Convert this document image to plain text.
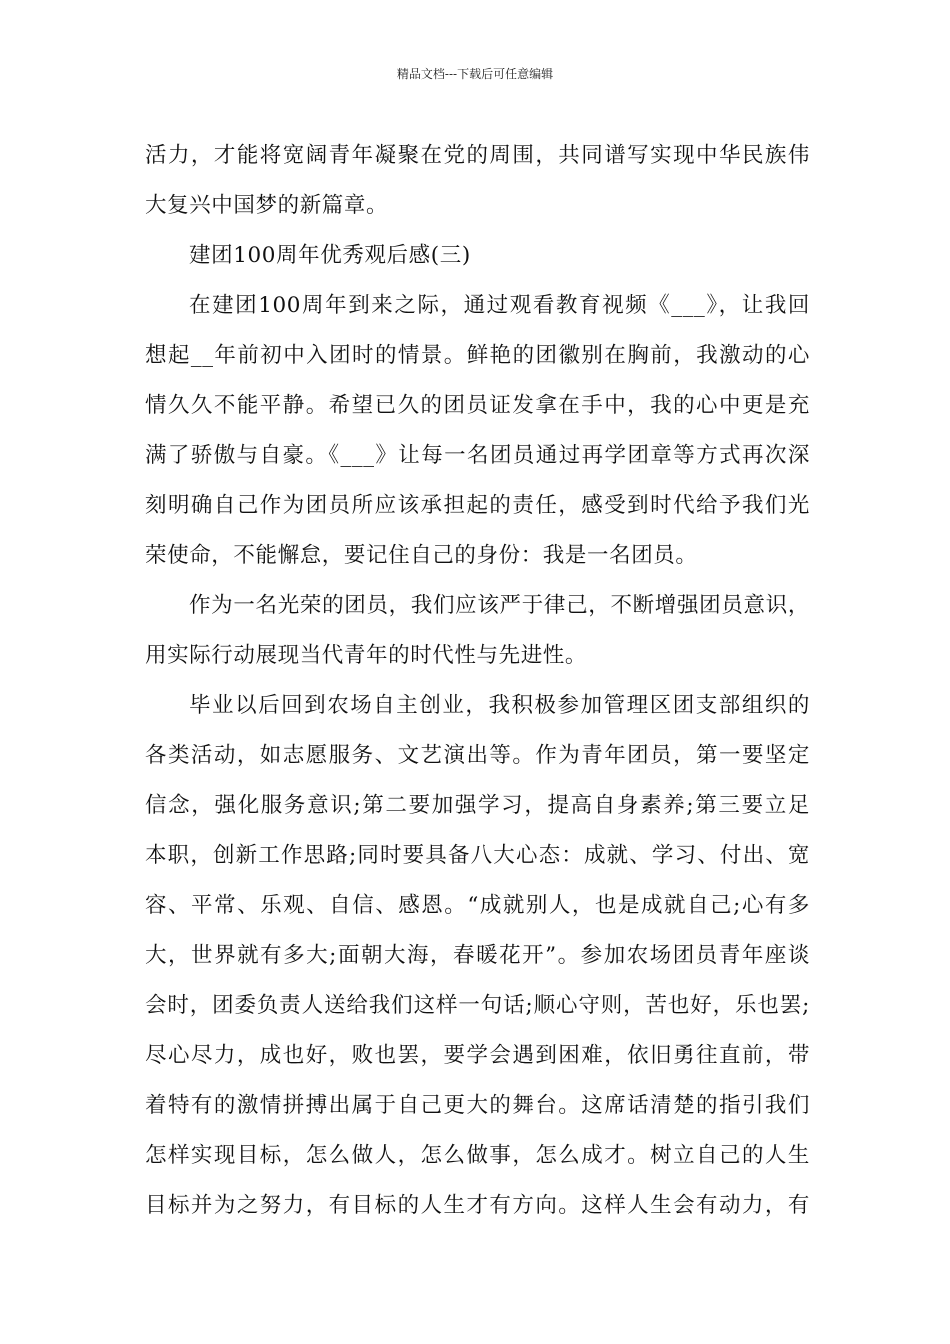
精品文档---下载后可任意编辑

活力，才能将宽阔青年凝聚在党的周围，共同谱写实现中华民族伟
大复兴中国梦的新篇章。

建团100周年优秀观后感(三)

在建团100周年到来之际，通过观看教育视频《___》，让我回
想起__年前初中入团时的情景。鲜艳的团徽别在胸前，我激动的心
情久久不能平静。希望已久的团员证发拿在手中，我的心中更是充
满了骄傲与自豪。《___》让每一名团员通过再学团章等方式再次深
刻明确自己作为团员所应该承担起的责任，感受到时代给予我们光
荣使命，不能懈怠，要记住自己的身份：我是一名团员。

作为一名光荣的团员，我们应该严于律己，不断增强团员意识，
用实际行动展现当代青年的时代性与先进性。

毕业以后回到农场自主创业，我积极参加管理区团支部组织的
各类活动，如志愿服务、文艺演出等。作为青年团员，第一要坚定
信念，强化服务意识;第二要加强学习，提高自身素养;第三要立足
本职，创新工作思路;同时要具备八大心态：成就、学习、付出、宽
容、平常、乐观、自信、感恩。“成就别人，也是成就自己;心有多
大，世界就有多大;面朝大海，春暖花开”。参加农场团员青年座谈
会时，团委负责人送给我们这样一句话;顺心守则，苦也好，乐也罢;
尽心尽力，成也好，败也罢，要学会遇到困难，依旧勇往直前，带
着特有的激情拼搏出属于自己更大的舞台。这席话清楚的指引我们
怎样实现目标，怎么做人，怎么做事，怎么成才。树立自己的人生
目标并为之努力，有目标的人生才有方向。这样人生会有动力，有
